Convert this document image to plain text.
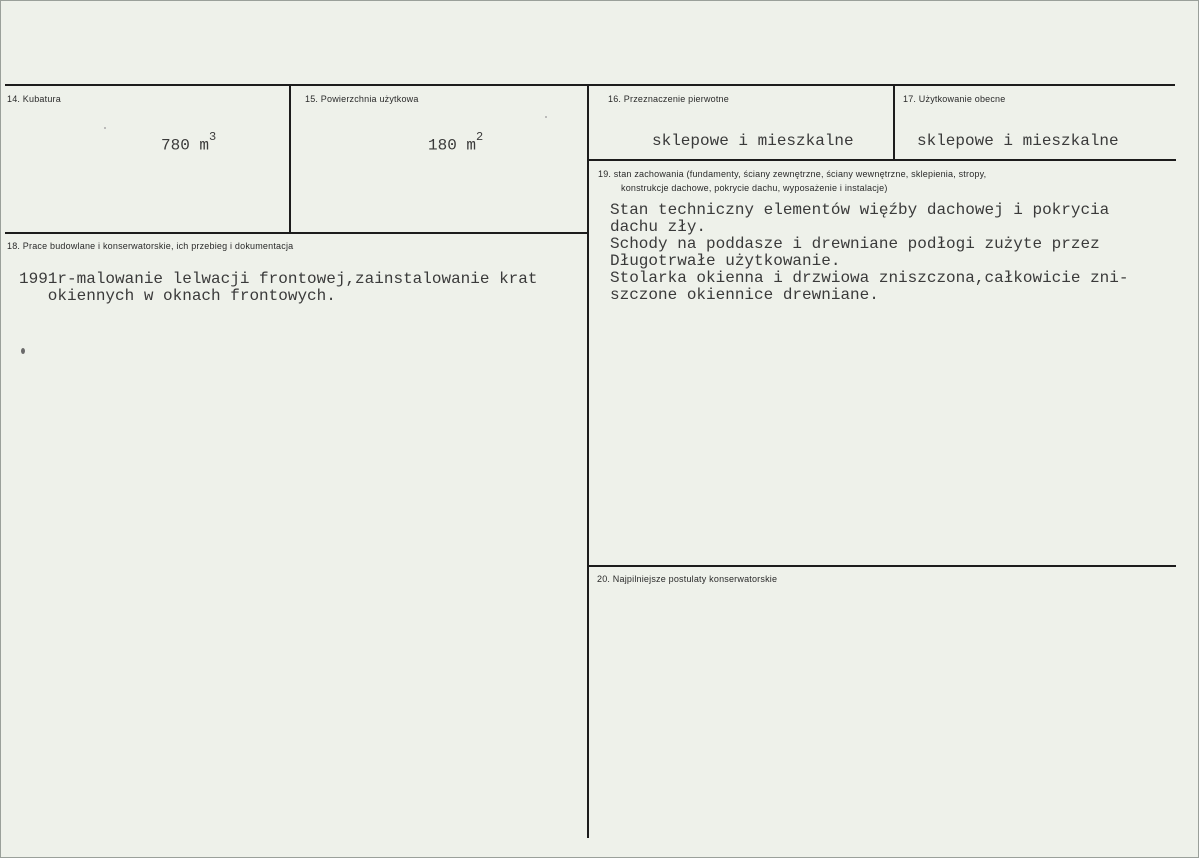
14. Kubatura
780 $m^3$
15. Powierzchnia użytkowa
180 $m^2$
16. Przeznaczenie pierwotne
sklepowe i mieszkalne
17. Użytkowanie obecne
sklepowe i mieszkalne
18. Prace budowlane i konserwatorskie, ich przebieg i dokumentacja
1991r-malowanie lelwacji frontowej,zainstalowanie krat
okiennych w oknach frontowych.
19. stan zachowania (fundamenty, ściany zewnętrzne, ściany wewnętrzne, sklepienia, stropy,
konstrukcje dachowe, pokrycie dachu, wyposażenie i instalacje)
Stan techniczny elementów więźby dachowej i pokrycia
dachu zły.
Schody na poddasze i drewniane podłogi zużyte przez
Długotrwałe użytkowanie.
Stolarka okienna i drzwiowa zniszczona,całkowicie zni-
szczone okiennice drewniane.
20. Najpilniejsze postulaty konserwatorskie
